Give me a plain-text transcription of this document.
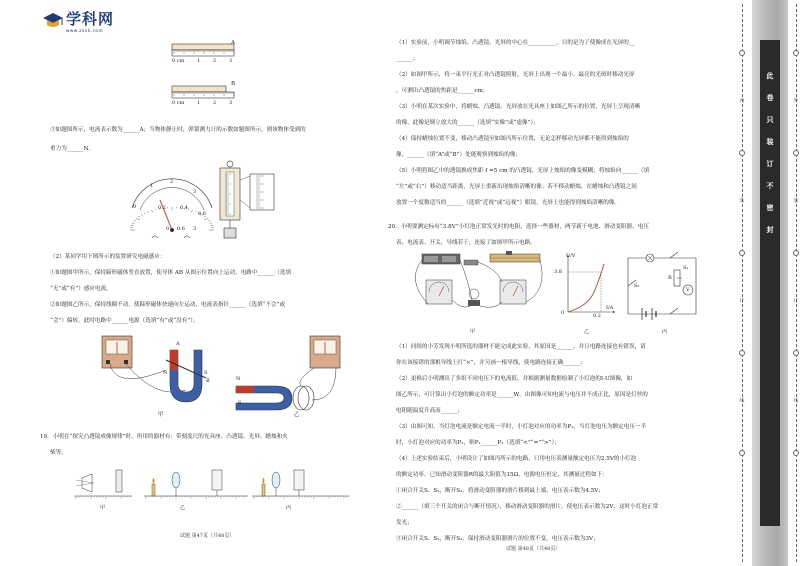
学科网
www.zxxk.com
A
0 cm	1	2	3
B
0 cm	1	2	3
③如题图所示，电流表示数为______A；当物体静止时，弹簧测力计的示数如题图所示，则该物体受到的
重力为______N。
1
2
3
0.2	0.4
0
0.6
0 0.6 3
（2）某同学用下图所示的装置研究电磁感应：
①如题图甲所示，保持蹄形磁体竖直放置，使导体 AB 从图示位置向上运动，电路中______（选填
“无”或“有”）感应电流。
②如题图乙所示，保持线圈不动，使蹄形磁体快速向左运动，电流表指针______（选填“不会”或
“会”）偏转，此时电路中______电源（选填“有”或“没有”）。
A
B
N	S
N
S
甲	乙
19．小明在“探究凸透镜成像规律”时，所用的器材有：带刻度尺的光具座、凸透镜、光屏、蜡烛和火
柴等。
甲	乙	丙
试题 第47页（共48页）
（1）实验前，小明调节烛焰、凸透镜、光屏的中心在__________，目的是为了使像成在光屏的__
______；
（2）如图甲所示，将一束平行光正对凸透镜照射，光屏上出现一个最小、最亮的光斑时移动光屏
，可测出凸透镜的焦距是______cm；
（3）小明在某次实验中，将蜡烛、凸透镜、光屏放在光具座上如图乙所示的位置，光屏上呈现清晰
的像，此像是倒立放大的______（选填“实像”或“虚像”）；
（4）保持蜡烛位置不变，移动凸透镜至如图丙所示位置，无论怎样移动光屏都不能得到烛焰的
像，______（填“A”或“B”）处能观察到烛焰的像；
（5）小明将图乙中的透镜换成焦距 f =5 cm 的凸透镜，光屏上烛焰的像变模糊；将烛焰向______（填
“左”或“右”）移动适当距离，光屏上重新出现烛焰清晰的像；若不移动蜡烛，在蜡烛和凸透镜之间
放置一个度数适当的______（选填“近视”或“远视”）眼镜，光屏上也能得到烛焰清晰的像。
20．小明要测定标有“3.8V”小灯泡正常发光时的电阻，选择一些器材，两节新干电池、滑动变阻器、电压
表、电流表、开关、导线若干，连接了如图甲所示电路。
甲
U/V
3.8
0.2
I/A
0
乙
S₁
S₂
R
V
丙
（1）同组的小芳发现小明所选的器材不能完成此实验，其原因是______。并且电路连接也有错误，请
你在该接错的那根导线上打“×”，并另画一根导线，使电路连接正确______；
（2）更换后小明测出了多组不同电压下的电流值，并根据测量数据绘制了小灯泡的I-U图像，如
图乙所示，可计算出小灯泡的额定功率是______W。由图像可知电流与电压并不成正比，原因是灯丝的
电阻随温度升高而______；
（3）由图可知，当灯泡电流是额定电流一半时，小灯泡对应的功率为P₁，当灯泡电压为额定电压一半
时，小灯泡对应的功率为P₂，则P₁______P₂（选填“<”“=”“>”）；
（4）上述实验结束后，小明设计了如图丙所示的电路，只用电压表测量额定电压为2.5V的小灯泡
的额定功率。已知滑动变阻器R的最大阻值为15Ω，电源电压恒定，其测量过程如下：
①闭合开关S、S₂，断开S₁，将滑动变阻器的滑片移到最上端，电压表示数为4.5V；
②______（填三个开关的闭合与断开情况），移动滑动变阻器的滑片，使电压表示数为2V，这时小灯泡正常
发光；
③闭合开关S、S₂，断开S₁，保持滑动变阻器滑片的位置不变，电压表示数为3V；
试题 第48页（共48页）
此
卷
只
装
订
不
密
封
内
装
订
线
外
装
订
线
